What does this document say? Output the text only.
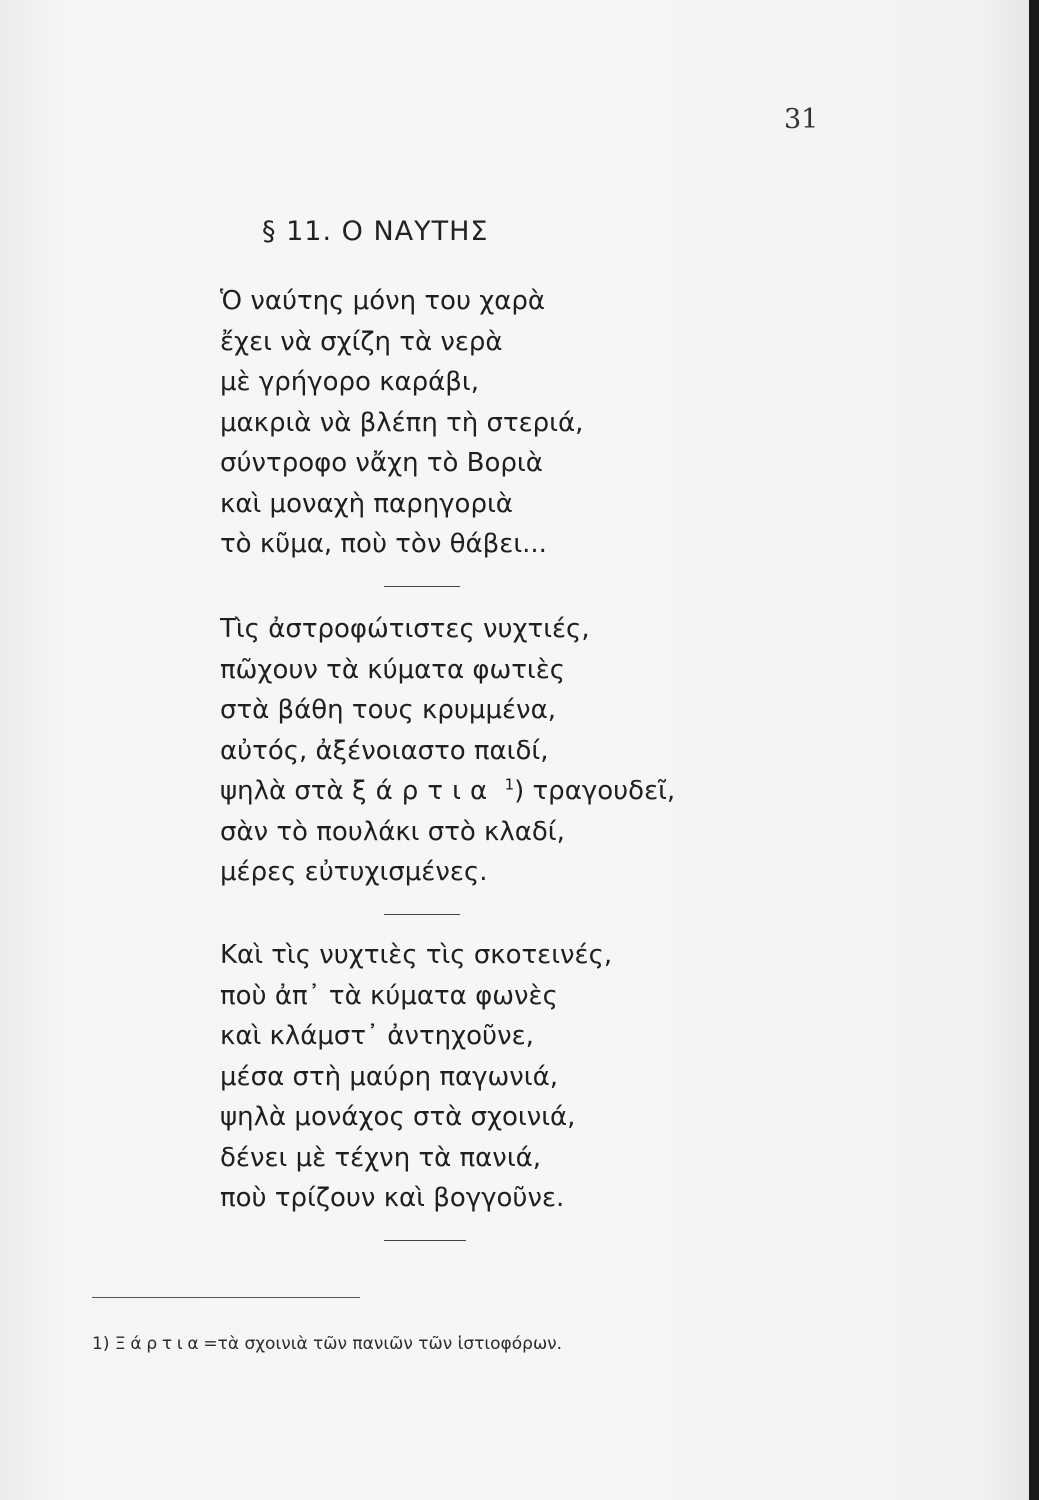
31
§ 11. Ο ΝΑΥΤΗΣ
Ὁ ναύτης μόνη του χαρὰ
ἔχει νὰ σχίζη τὰ νερὰ
μὲ γρήγορο καράβι,
μακριὰ νὰ βλέπη τὴ στεριά,
σύντροφο νἄχη τὸ Βοριὰ
καὶ μοναχὴ παρηγοριὰ
τὸ κῦμα, ποὺ τὸν θάβει...
Τὶς ἀστροφώτιστες νυχτιές,
πῶχουν τὰ κύματα φωτιὲς
στὰ βάθη τους κρυμμένα,
αὐτός, ἀξένοιαστο παιδί,
ψηλὰ στὰ ξάρτια $^1$) τραγουδεῖ,
σὰν τὸ πουλάκι στὸ κλαδί,
μέρες εὐτυχισμένες.
Καὶ τὶς νυχτιὲς τὶς σκοτεινές,
ποὺ ἀπ᾽ τὰ κύματα φωνὲς
καὶ κλάμστ᾽ ἀντηχοῦνε,
μέσα στὴ μαύρη παγωνιά,
ψηλὰ μονάχος στὰ σχοινιά,
δένει μὲ τέχνη τὰ πανιά,
ποὺ τρίζουν καὶ βογγοῦνε.
1) Ξάρτια=τὰ σχοινιὰ τῶν πανιῶν τῶν ἱστιοφόρων.
